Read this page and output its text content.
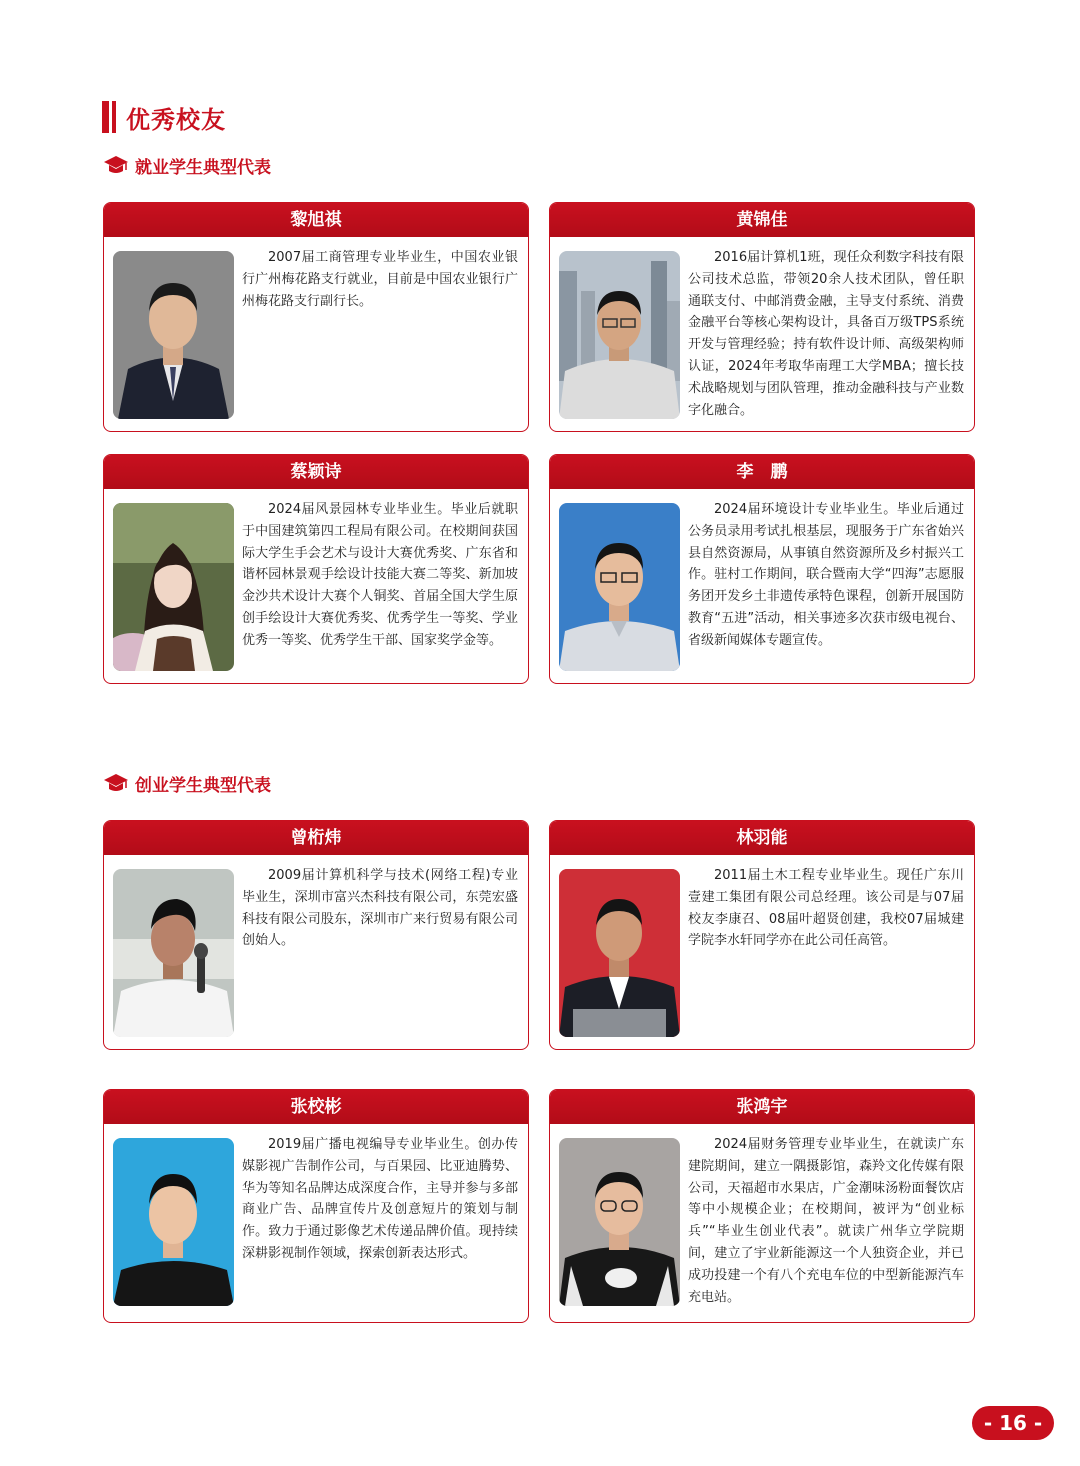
优秀校友
就业学生典型代表
黎旭祺

2007届工商管理专业毕业生，中国农业银行广州梅花路支行就业，目前是中国农业银行广州梅花路支行副行长。

黄锦佳

2016届计算机1班，现任众利数字科技有限公司技术总监，带领20余人技术团队，曾任职通联支付、中邮消费金融，主导支付系统、消费金融平台等核心架构设计，具备百万级TPS系统开发与管理经验；持有软件设计师、高级架构师认证，2024年考取华南理工大学MBA；擅长技术战略规划与团队管理，推动金融科技与产业数字化融合。

蔡颖诗

2024届风景园林专业毕业生。毕业后就职于中国建筑第四工程局有限公司。在校期间获国际大学生手会艺术与设计大赛优秀奖、广东省和谐杯园林景观手绘设计技能大赛二等奖、新加坡金沙共术设计大赛个人铜奖、首届全国大学生原创手绘设计大赛优秀奖、优秀学生一等奖、学业优秀一等奖、优秀学生干部、国家奖学金等。

李　鹏

2024届环境设计专业毕业生。毕业后通过公务员录用考试扎根基层，现服务于广东省始兴县自然资源局，从事镇自然资源所及乡村振兴工作。驻村工作期间，联合暨南大学“四海”志愿服务团开发乡土非遗传承特色课程，创新开展国防教育“五进”活动，相关事迹多次获市级电视台、省级新闻媒体专题宣传。

创业学生典型代表
曾桁炜

2009届计算机科学与技术(网络工程)专业毕业生，深圳市富兴杰科技有限公司，东莞宏盛科技有限公司股东，深圳市广来行贸易有限公司创始人。

林羽能

2011届土木工程专业毕业生。现任广东川壹建工集团有限公司总经理。该公司是与07届校友李康召、08届叶超贤创建，我校07届城建学院李水轩同学亦在此公司任高管。

张校彬

2019届广播电视编导专业毕业生。创办传媒影视广告制作公司，与百果园、比亚迪腾势、华为等知名品牌达成深度合作，主导并参与多部商业广告、品牌宣传片及创意短片的策划与制作。致力于通过影像艺术传递品牌价值。现持续深耕影视制作领域，探索创新表达形式。

张鸿宇

2024届财务管理专业毕业生，在就读广东建院期间，建立一隅摄影馆，森羚文化传媒有限公司，天福超市水果店，广金潮味汤粉面餐饮店等中小规模企业；在校期间，被评为“创业标兵”“毕业生创业代表”。就读广州华立学院期间，建立了宇业新能源这一个人独资企业，并已成功投建一个有八个充电车位的中型新能源汽车充电站。

- 16 -
